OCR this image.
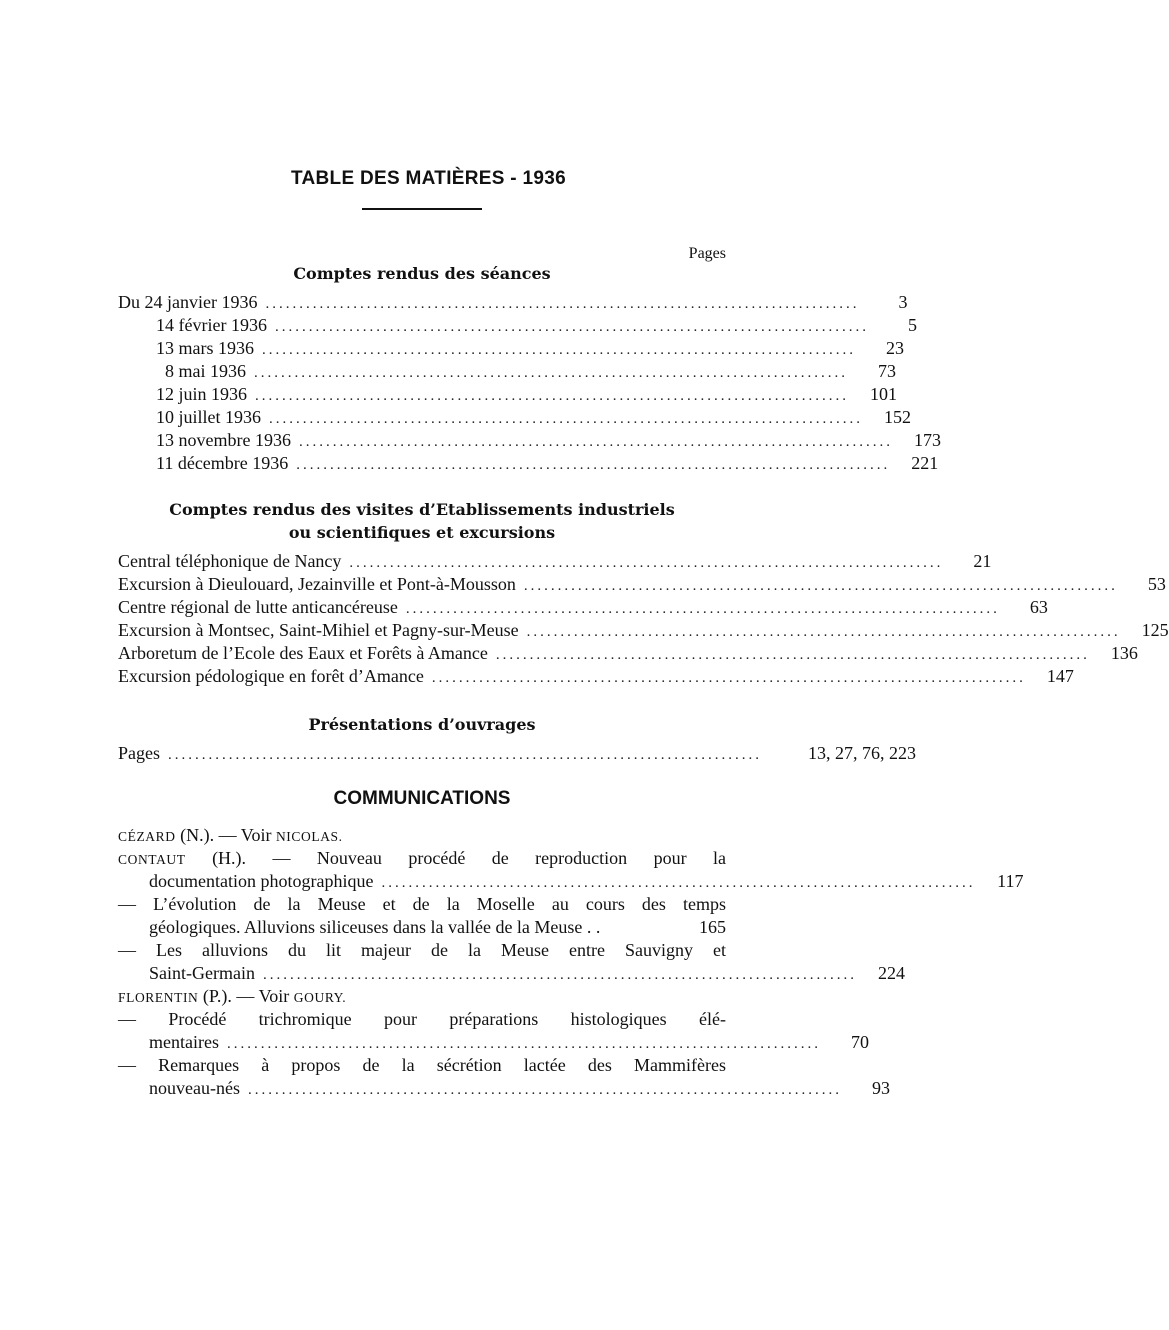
TABLE DES MATIÈRES - 1936
Pages
Comptes rendus des séances
Du 24 janvier 1936 ........................................................................................	3
14 février 1936 ........................................................................................	5
13 mars 1936 ........................................................................................	23
8 mai 1936 ........................................................................................	73
12 juin 1936 ........................................................................................	101
10 juillet 1936 ........................................................................................	152
13 novembre 1936 ........................................................................................	173
11 décembre 1936 ........................................................................................	221
Comptes rendus des visites d’Etablissements industriels
ou scientifiques et excursions
Central téléphonique de Nancy ........................................................................................	21
Excursion à Dieulouard, Jezainville et Pont-à-Mousson ........................................................................................	53
Centre régional de lutte anticancéreuse ........................................................................................	63
Excursion à Montsec, Saint-Mihiel et Pagny-sur-Meuse ........................................................................................	125
Arboretum de l’Ecole des Eaux et Forêts à Amance ........................................................................................	136
Excursion pédologique en forêt d’Amance ........................................................................................	147
Présentations d’ouvrages
Pages ........................................................................................	13, 27, 76, 223
COMMUNICATIONS
CÉZARD (N.). — Voir NICOLAS.
CONTAUT (H.). — Nouveau procédé de reproduction pour la
documentation photographique ........................................................................................	117
— L’évolution de la Meuse et de la Moselle au cours des temps
géologiques. Alluvions siliceuses dans la vallée de la Meuse . .	165
— Les alluvions du lit majeur de la Meuse entre Sauvigny et
Saint-Germain ........................................................................................	224
FLORENTIN (P.). — Voir GOURY.
— Procédé trichromique pour préparations histologiques élé-
mentaires ........................................................................................	70
— Remarques à propos de la sécrétion lactée des Mammifères
nouveau-nés ........................................................................................	93
